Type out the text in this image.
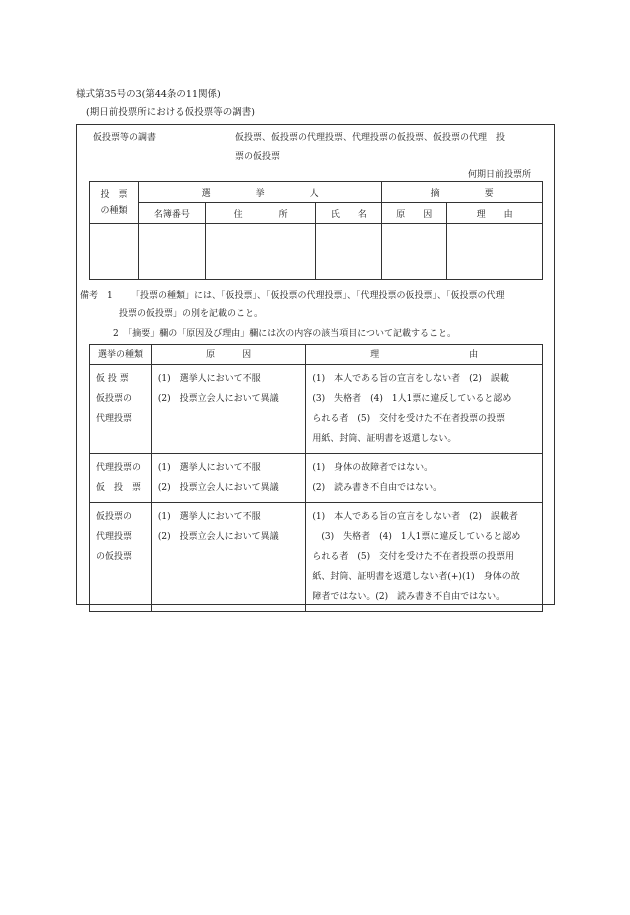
様式第35号の3(第44条の11関係)
(期日前投票所における仮投票等の調書)
仮投票等の調書	仮投票、仮投票の代理投票、代理投票の仮投票、仮投票の代理　投
票の仮投票
何期日前投票所
投　票
の種類	選　　　　　挙　　　　　人			摘　　　　　要	
	名簿番号	住　　　　所	氏　　名	原　　因	理　　由

備考　1 「投票の種類」には、「仮投票」、「仮投票の代理投票」、「代理投票の仮投票」、「仮投票の代理
投票の仮投票」の別を記載のこと。
2　「摘要」欄の「原因及び理由」欄には次の内容の該当項目について記載すること。
選挙の種類	原　　　因	理　　　　　　　　　　由

仮 投 票
仮投票の
代理投票	(1)　選挙人において不服
(2)　投票立会人において異議	(1)　本人である旨の宣言をしない者　(2)　誤載
(3)　失格者　(4)　1人1票に違反していると認め
られる者　(5)　交付を受けた不在者投票の投票
用紙、封筒、証明書を返還しない。

代理投票の
仮　投　票	(1)　選挙人において不服
(2)　投票立会人において異議	(1)　身体の故障者ではない。
(2)　読み書き不自由ではない。

仮投票の
代理投票
の仮投票	(1)　選挙人において不服
(2)　投票立会人において異議	(1)　本人である旨の宣言をしない者　(2)　誤載者
　(3)　失格者　(4)　1人1票に違反していると認め
られる者　(5)　交付を受けた不在者投票の投票用
紙、封筒、証明書を返還しない者(+)(1)　身体の故
障者ではない。(2)　読み書き不自由ではない。
